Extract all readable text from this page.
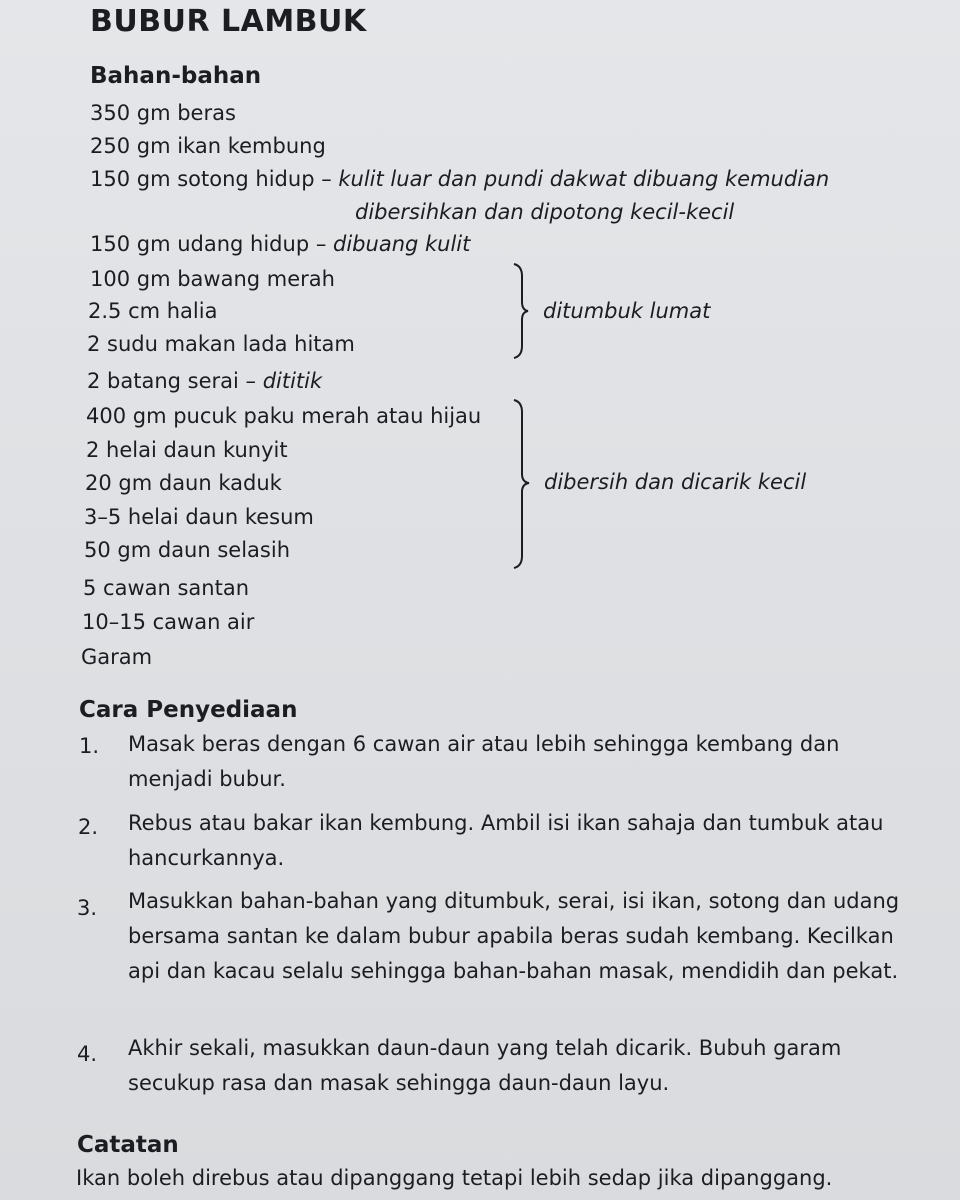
BUBUR LAMBUK
Bahan-bahan
350 gm beras
250 gm ikan kembung
150 gm sotong hidup – kulit luar dan pundi dakwat dibuang kemudian
dibersihkan dan dipotong kecil-kecil
150 gm udang hidup – dibuang kulit
100 gm bawang merah
2.5 cm halia
2 sudu makan lada hitam
ditumbuk lumat
2 batang serai – dititik
400 gm pucuk paku merah atau hijau
2 helai daun kunyit
20 gm daun kaduk
3–5 helai daun kesum
50 gm daun selasih
dibersih dan dicarik kecil
5 cawan santan
10–15 cawan air
Garam
Cara Penyediaan
1. Masak beras dengan 6 cawan air atau lebih sehingga kembang dan menjadi bubur.
2. Rebus atau bakar ikan kembung. Ambil isi ikan sahaja dan tumbuk atau hancurkannya.
3. Masukkan bahan-bahan yang ditumbuk, serai, isi ikan, sotong dan udang bersama santan ke dalam bubur apabila beras sudah kembang. Kecilkan api dan kacau selalu sehingga bahan-bahan masak, mendidih dan pekat.
4. Akhir sekali, masukkan daun-daun yang telah dicarik. Bubuh garam secukup rasa dan masak sehingga daun-daun layu.
Catatan
Ikan boleh direbus atau dipanggang tetapi lebih sedap jika dipanggang.
